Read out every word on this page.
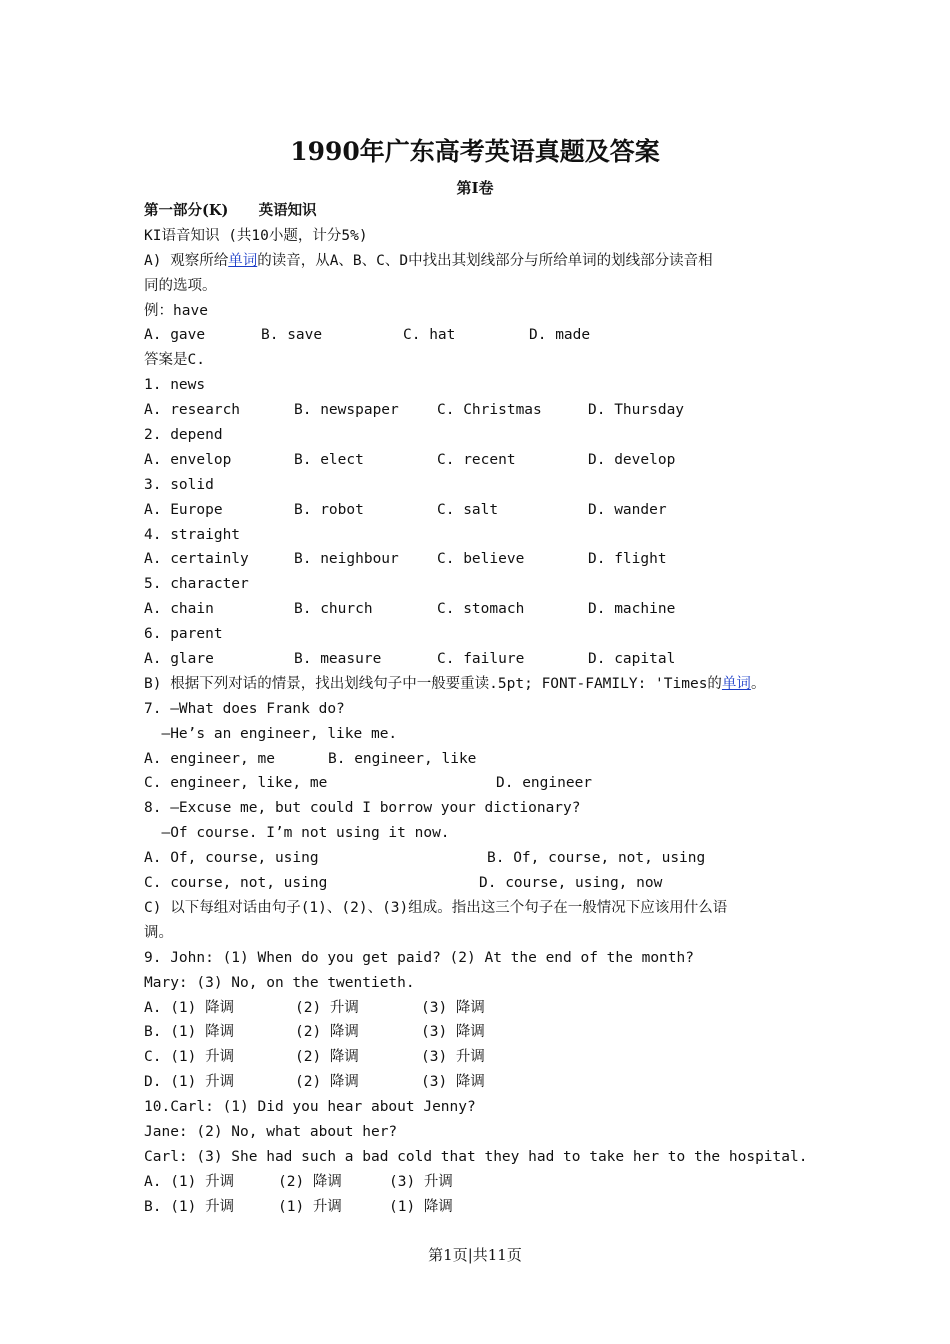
1990年广东高考英语真题及答案
第I卷
第一部分(K)      英语知识
KI语音知识 (共10小题，计分5%)
A) 观察所给单词的读音，从A、B、C、D中找出其划线部分与所给单词的划线部分读音相
同的选项。
例：have
A. gave	B. save	C. hat	D. made
答案是C.
1. news
A. research	B. newspaper	C. Christmas	D. Thursday
2. depend
A. envelop	B. elect	C. recent	D. develop
3. solid
A. Europe	B. robot	C. salt	D. wander
4. straight
A. certainly	B. neighbour	C. believe	D. flight
5. character
A. chain	B. church	C. stomach	D. machine
6. parent
A. glare	B. measure	C. failure	D. capital
B) 根据下列对话的情景，找出划线句子中一般要重读.5pt; FONT-FAMILY: 'Times的单词。
7. —What does Frank do?
—He’s an engineer, like me.
A. engineer, me	B. engineer, like
C. engineer, like, me	D. engineer
8. —Excuse me, but could I borrow your dictionary?
—Of course. I’m not using it now.
A. Of, course, using	B. Of, course, not, using
C. course, not, using	D. course, using, now
C) 以下每组对话由句子(1)、(2)、(3)组成。指出这三个句子在一般情况下应该用什么语
调。
9. John: (1) When do you get paid? (2) At the end of the month?
Mary: (3) No, on the twentieth.
A. (1) 降调	(2) 升调	(3) 降调
B. (1) 降调	(2) 降调	(3) 降调
C. (1) 升调	(2) 降调	(3) 升调
D. (1) 升调	(2) 降调	(3) 降调
10.Carl: (1) Did you hear about Jenny?
Jane: (2) No, what about her?
Carl: (3) She had such a bad cold that they had to take her to the hospital.
A. (1) 升调	(2) 降调	(3) 升调
B. (1) 升调	(1) 升调	(1) 降调
第1页|共11页
